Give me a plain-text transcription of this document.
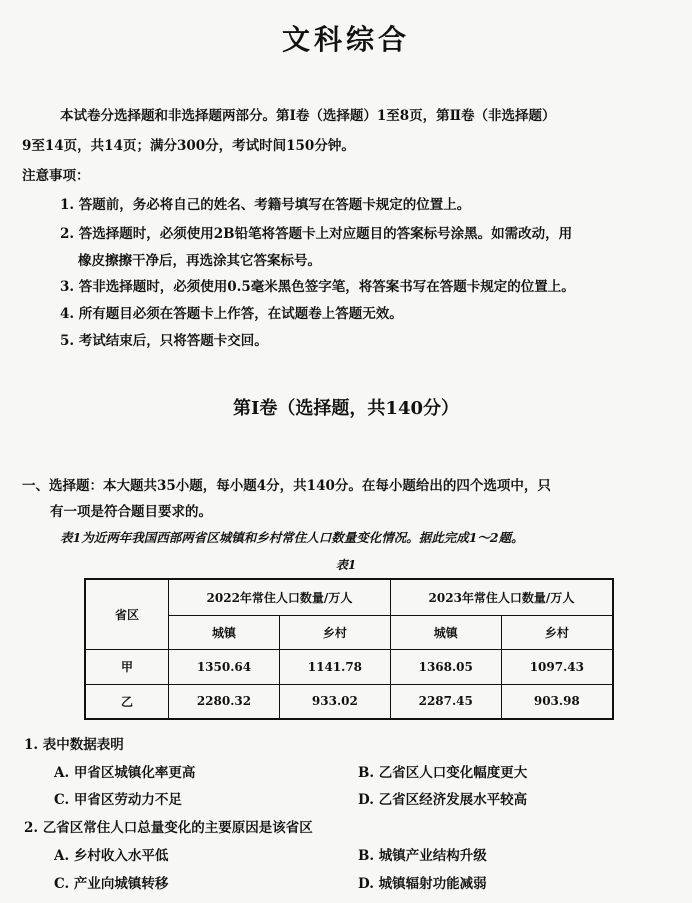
文科综合
本试卷分选择题和非选择题两部分。第Ⅰ卷（选择题）1至8页，第Ⅱ卷（非选择题）
9至14页，共14页；满分300分，考试时间150分钟。
注意事项：
1. 答题前，务必将自己的姓名、考籍号填写在答题卡规定的位置上。
2. 答选择题时，必须使用2B铅笔将答题卡上对应题目的答案标号涂黑。如需改动，用
橡皮擦擦干净后，再选涂其它答案标号。
3. 答非选择题时，必须使用0.5毫米黑色签字笔，将答案书写在答题卡规定的位置上。
4. 所有题目必须在答题卡上作答，在试题卷上答题无效。
5. 考试结束后，只将答题卡交回。
第Ⅰ卷（选择题，共140分）
一、选择题：本大题共35小题，每小题4分，共140分。在每小题给出的四个选项中，只
有一项是符合题目要求的。
表1为近两年我国西部两省区城镇和乡村常住人口数量变化情况。据此完成1～2题。
表1
省区	2022年常住人口数量/万人		2023年常住人口数量/万人	
	城镇	乡村	城镇	乡村
甲	1350.64	1141.78	1368.05	1097.43
乙	2280.32	933.02	2287.45	903.98
1. 表中数据表明
A. 甲省区城镇化率更高	B. 乙省区人口变化幅度更大
C. 甲省区劳动力不足	D. 乙省区经济发展水平较高
2. 乙省区常住人口总量变化的主要原因是该省区
A. 乡村收入水平低	B. 城镇产业结构升级
C. 产业向城镇转移	D. 城镇辐射功能减弱
